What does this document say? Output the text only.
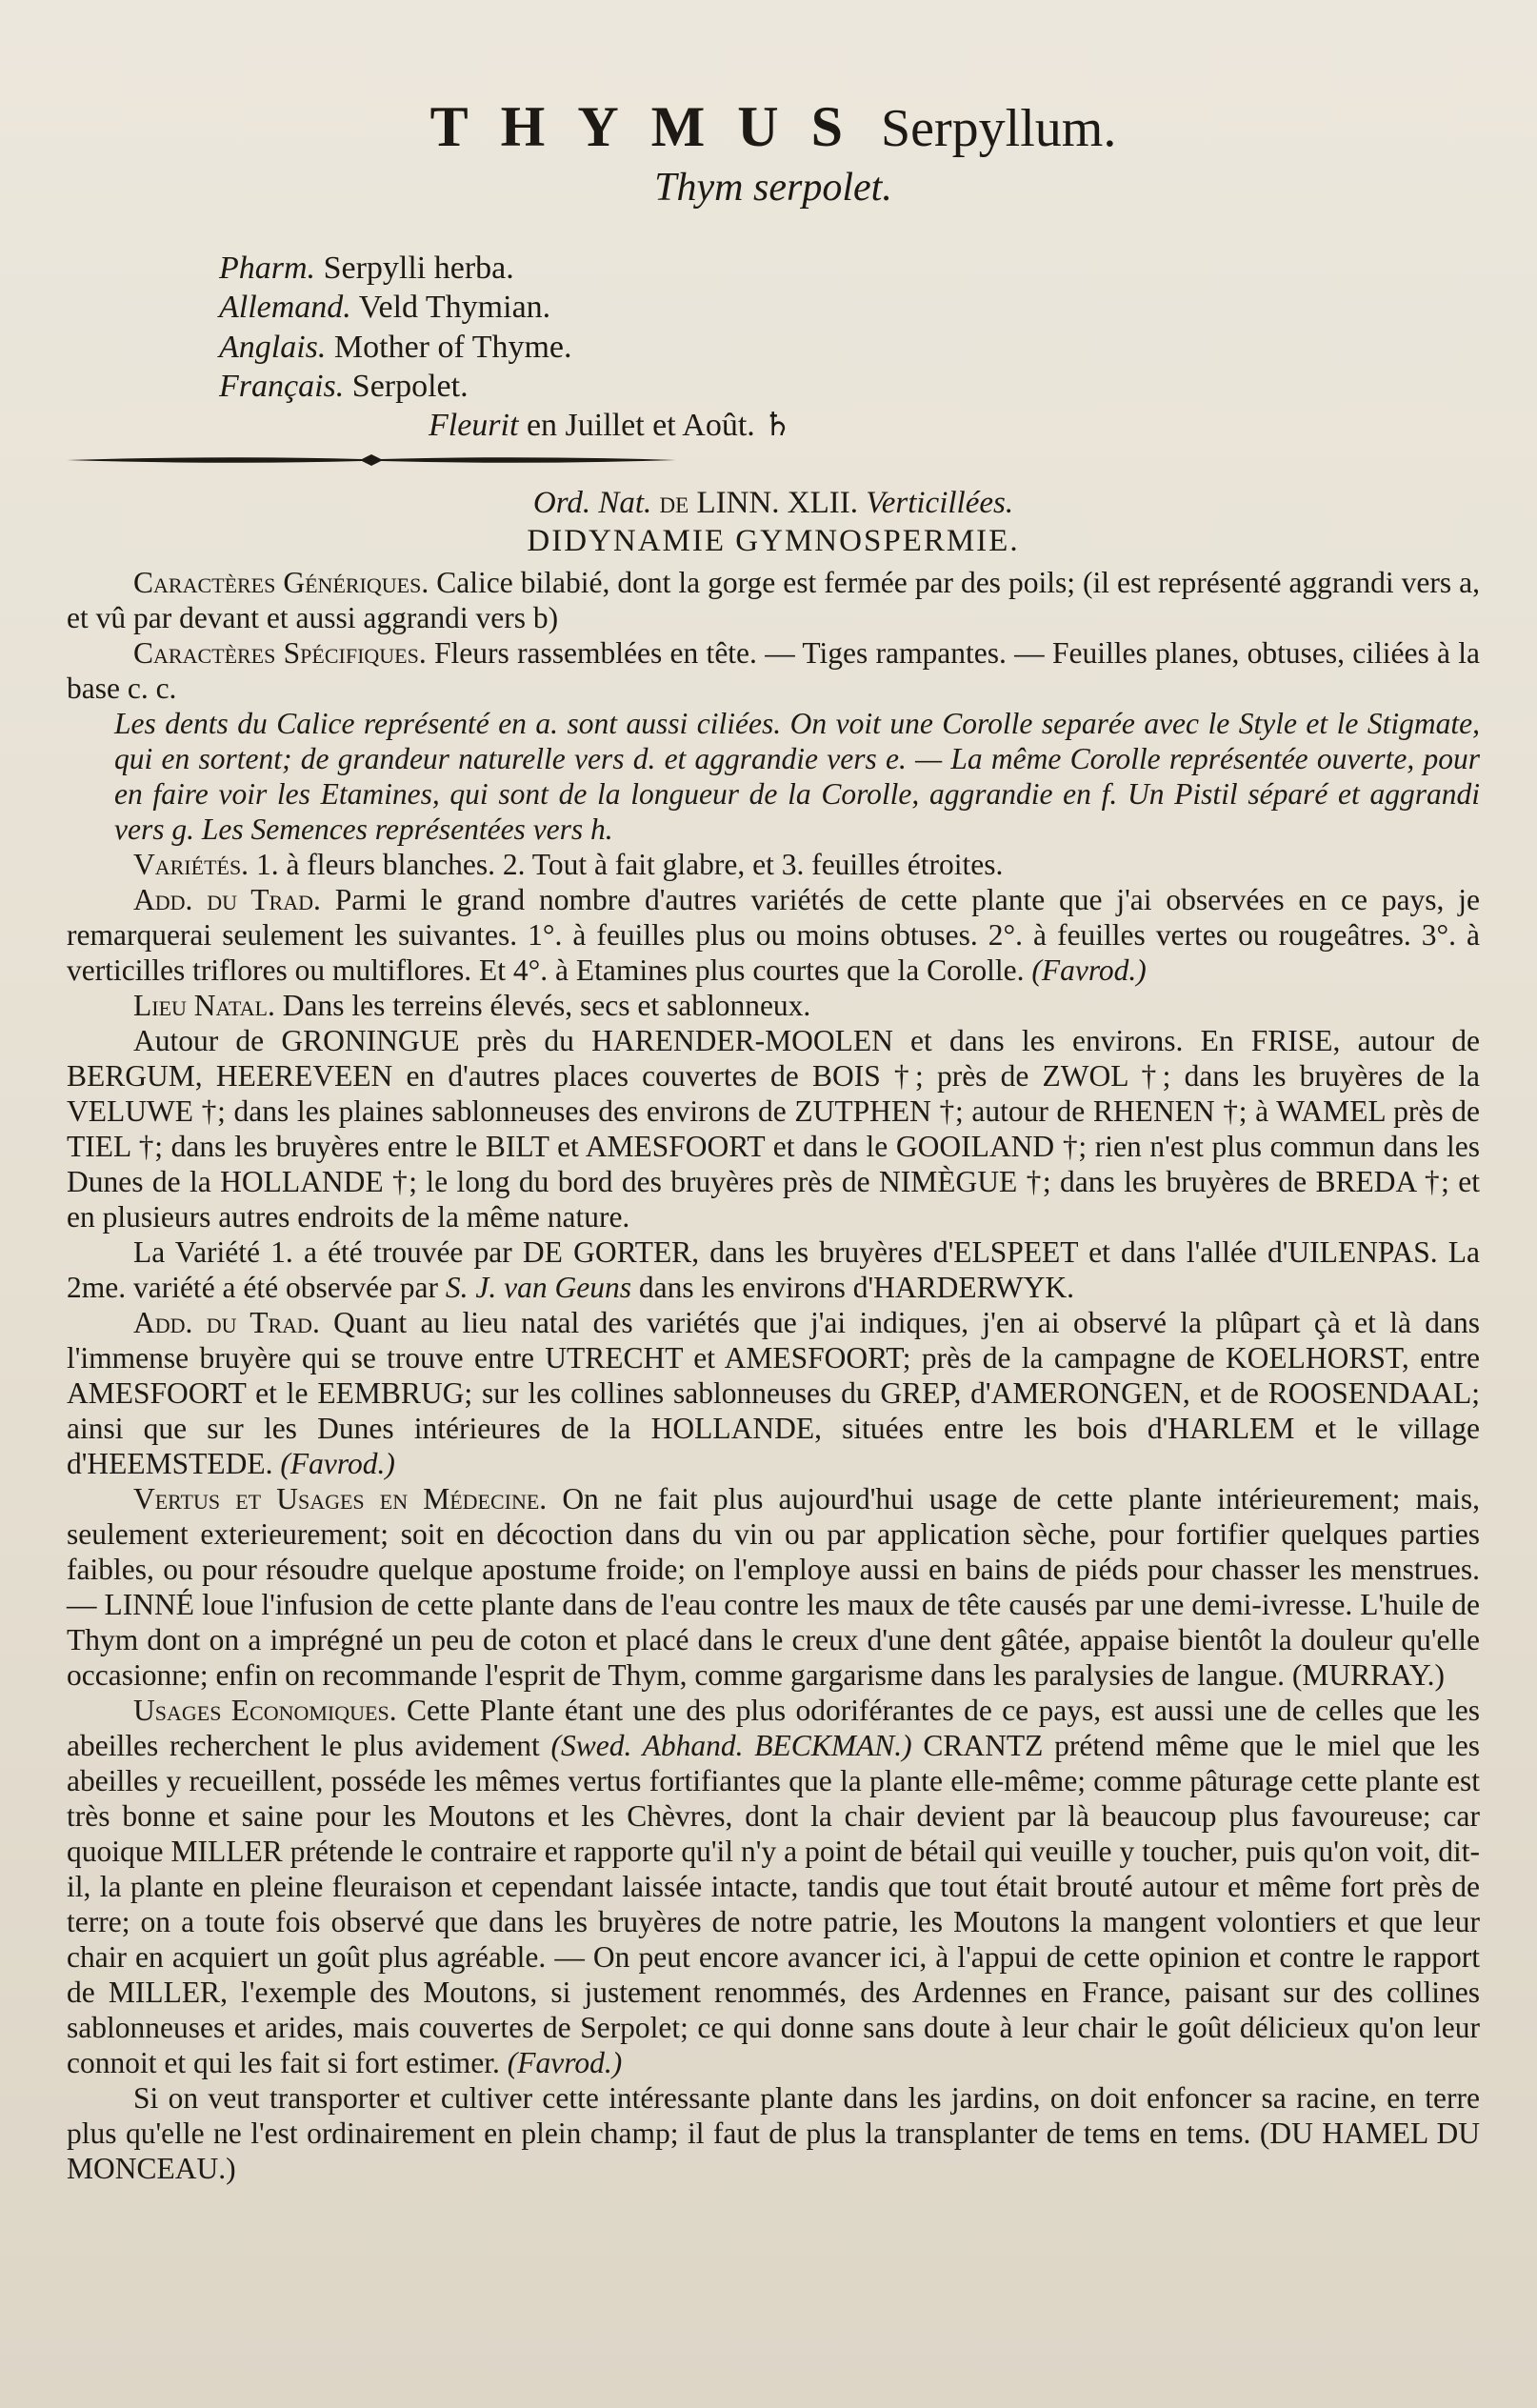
THYMUS Serpyllum.
Thym serpolet.
Pharm. Serpylli herba.
Allemand. Veld Thymian.
Anglais. Mother of Thyme.
Français. Serpolet.
Fleurit en Juillet et Août. ♄
Ord. Nat. de LINN. XLII. Verticillées.
DIDYNAMIE GYMNOSPERMIE.

Caractères Génériques. Calice bilabié, dont la gorge est fermée par des poils; (il est représenté aggrandi vers a, et vû par devant et aussi aggrandi vers b)

Caractères Spécifiques. Fleurs rassemblées en tête. — Tiges rampantes. — Feuilles planes, obtuses, ciliées à la base c. c.

Les dents du Calice représenté en a. sont aussi ciliées. On voit une Corolle separée avec le Style et le Stigmate, qui en sortent; de grandeur naturelle vers d. et aggrandie vers e. — La même Corolle représentée ouverte, pour en faire voir les Etamines, qui sont de la longueur de la Corolle, aggrandie en f. Un Pistil séparé et aggrandi vers g. Les Semences représentées vers h.

Variétés. 1. à fleurs blanches. 2. Tout à fait glabre, et 3. feuilles étroites.

Add. du Trad. Parmi le grand nombre d'autres variétés de cette plante que j'ai observées en ce pays, je remarquerai seulement les suivantes. 1°. à feuilles plus ou moins obtuses. 2°. à feuilles vertes ou rougeâtres. 3°. à verticilles triflores ou multiflores. Et 4°. à Etamines plus courtes que la Corolle. (Favrod.)

Lieu Natal. Dans les terreins élevés, secs et sablonneux.

Autour de GRONINGUE près du HARENDER-MOOLEN et dans les environs. En FRISE, autour de BERGUM, HEEREVEEN en d'autres places couvertes de BOIS †; près de ZWOL †; dans les bruyères de la VELUWE †; dans les plaines sablonneuses des environs de ZUTPHEN †; autour de RHENEN †; à WAMEL près de TIEL †; dans les bruyères entre le BILT et AMESFOORT et dans le GOOILAND †; rien n'est plus commun dans les Dunes de la HOLLANDE †; le long du bord des bruyères près de NIMÈGUE †; dans les bruyères de BREDA †; et en plusieurs autres endroits de la même nature.

La Variété 1. a été trouvée par DE GORTER, dans les bruyères d'ELSPEET et dans l'allée d'UILENPAS. La 2me. variété a été observée par S. J. van Geuns dans les environs d'HARDERWYK.

Add. du Trad. Quant au lieu natal des variétés que j'ai indiques, j'en ai observé la plûpart çà et là dans l'immense bruyère qui se trouve entre UTRECHT et AMESFOORT; près de la campagne de KOELHORST, entre AMESFOORT et le EEMBRUG; sur les collines sablonneuses du GREP, d'AMERONGEN, et de ROOSENDAAL; ainsi que sur les Dunes intérieures de la HOLLANDE, situées entre les bois d'HARLEM et le village d'HEEMSTEDE. (Favrod.)

Vertus et Usages en Médecine. On ne fait plus aujourd'hui usage de cette plante intérieurement; mais, seulement exterieurement; soit en décoction dans du vin ou par application sèche, pour fortifier quelques parties faibles, ou pour résoudre quelque apostume froide; on l'employe aussi en bains de piéds pour chasser les menstrues. — LINNÉ loue l'infusion de cette plante dans de l'eau contre les maux de tête causés par une demi-ivresse. L'huile de Thym dont on a imprégné un peu de coton et placé dans le creux d'une dent gâtée, appaise bientôt la douleur qu'elle occasionne; enfin on recommande l'esprit de Thym, comme gargarisme dans les paralysies de langue. (MURRAY.)

Usages Economiques. Cette Plante étant une des plus odoriférantes de ce pays, est aussi une de celles que les abeilles recherchent le plus avidement (Swed. Abhand. BECKMAN.) CRANTZ prétend même que le miel que les abeilles y recueillent, posséde les mêmes vertus fortifiantes que la plante elle-même; comme pâturage cette plante est très bonne et saine pour les Moutons et les Chèvres, dont la chair devient par là beaucoup plus favoureuse; car quoique MILLER prétende le contraire et rapporte qu'il n'y a point de bétail qui veuille y toucher, puis qu'on voit, dit-il, la plante en pleine fleuraison et cependant laissée intacte, tandis que tout était brouté autour et même fort près de terre; on a toute fois observé que dans les bruyères de notre patrie, les Moutons la mangent volontiers et que leur chair en acquiert un goût plus agréable. — On peut encore avancer ici, à l'appui de cette opinion et contre le rapport de MILLER, l'exemple des Moutons, si justement renommés, des Ardennes en France, paisant sur des collines sablonneuses et arides, mais couvertes de Serpolet; ce qui donne sans doute à leur chair le goût délicieux qu'on leur connoit et qui les fait si fort estimer. (Favrod.)

Si on veut transporter et cultiver cette intéressante plante dans les jardins, on doit enfoncer sa racine, en terre plus qu'elle ne l'est ordinairement en plein champ; il faut de plus la transplanter de tems en tems. (DU HAMEL DU MONCEAU.)
